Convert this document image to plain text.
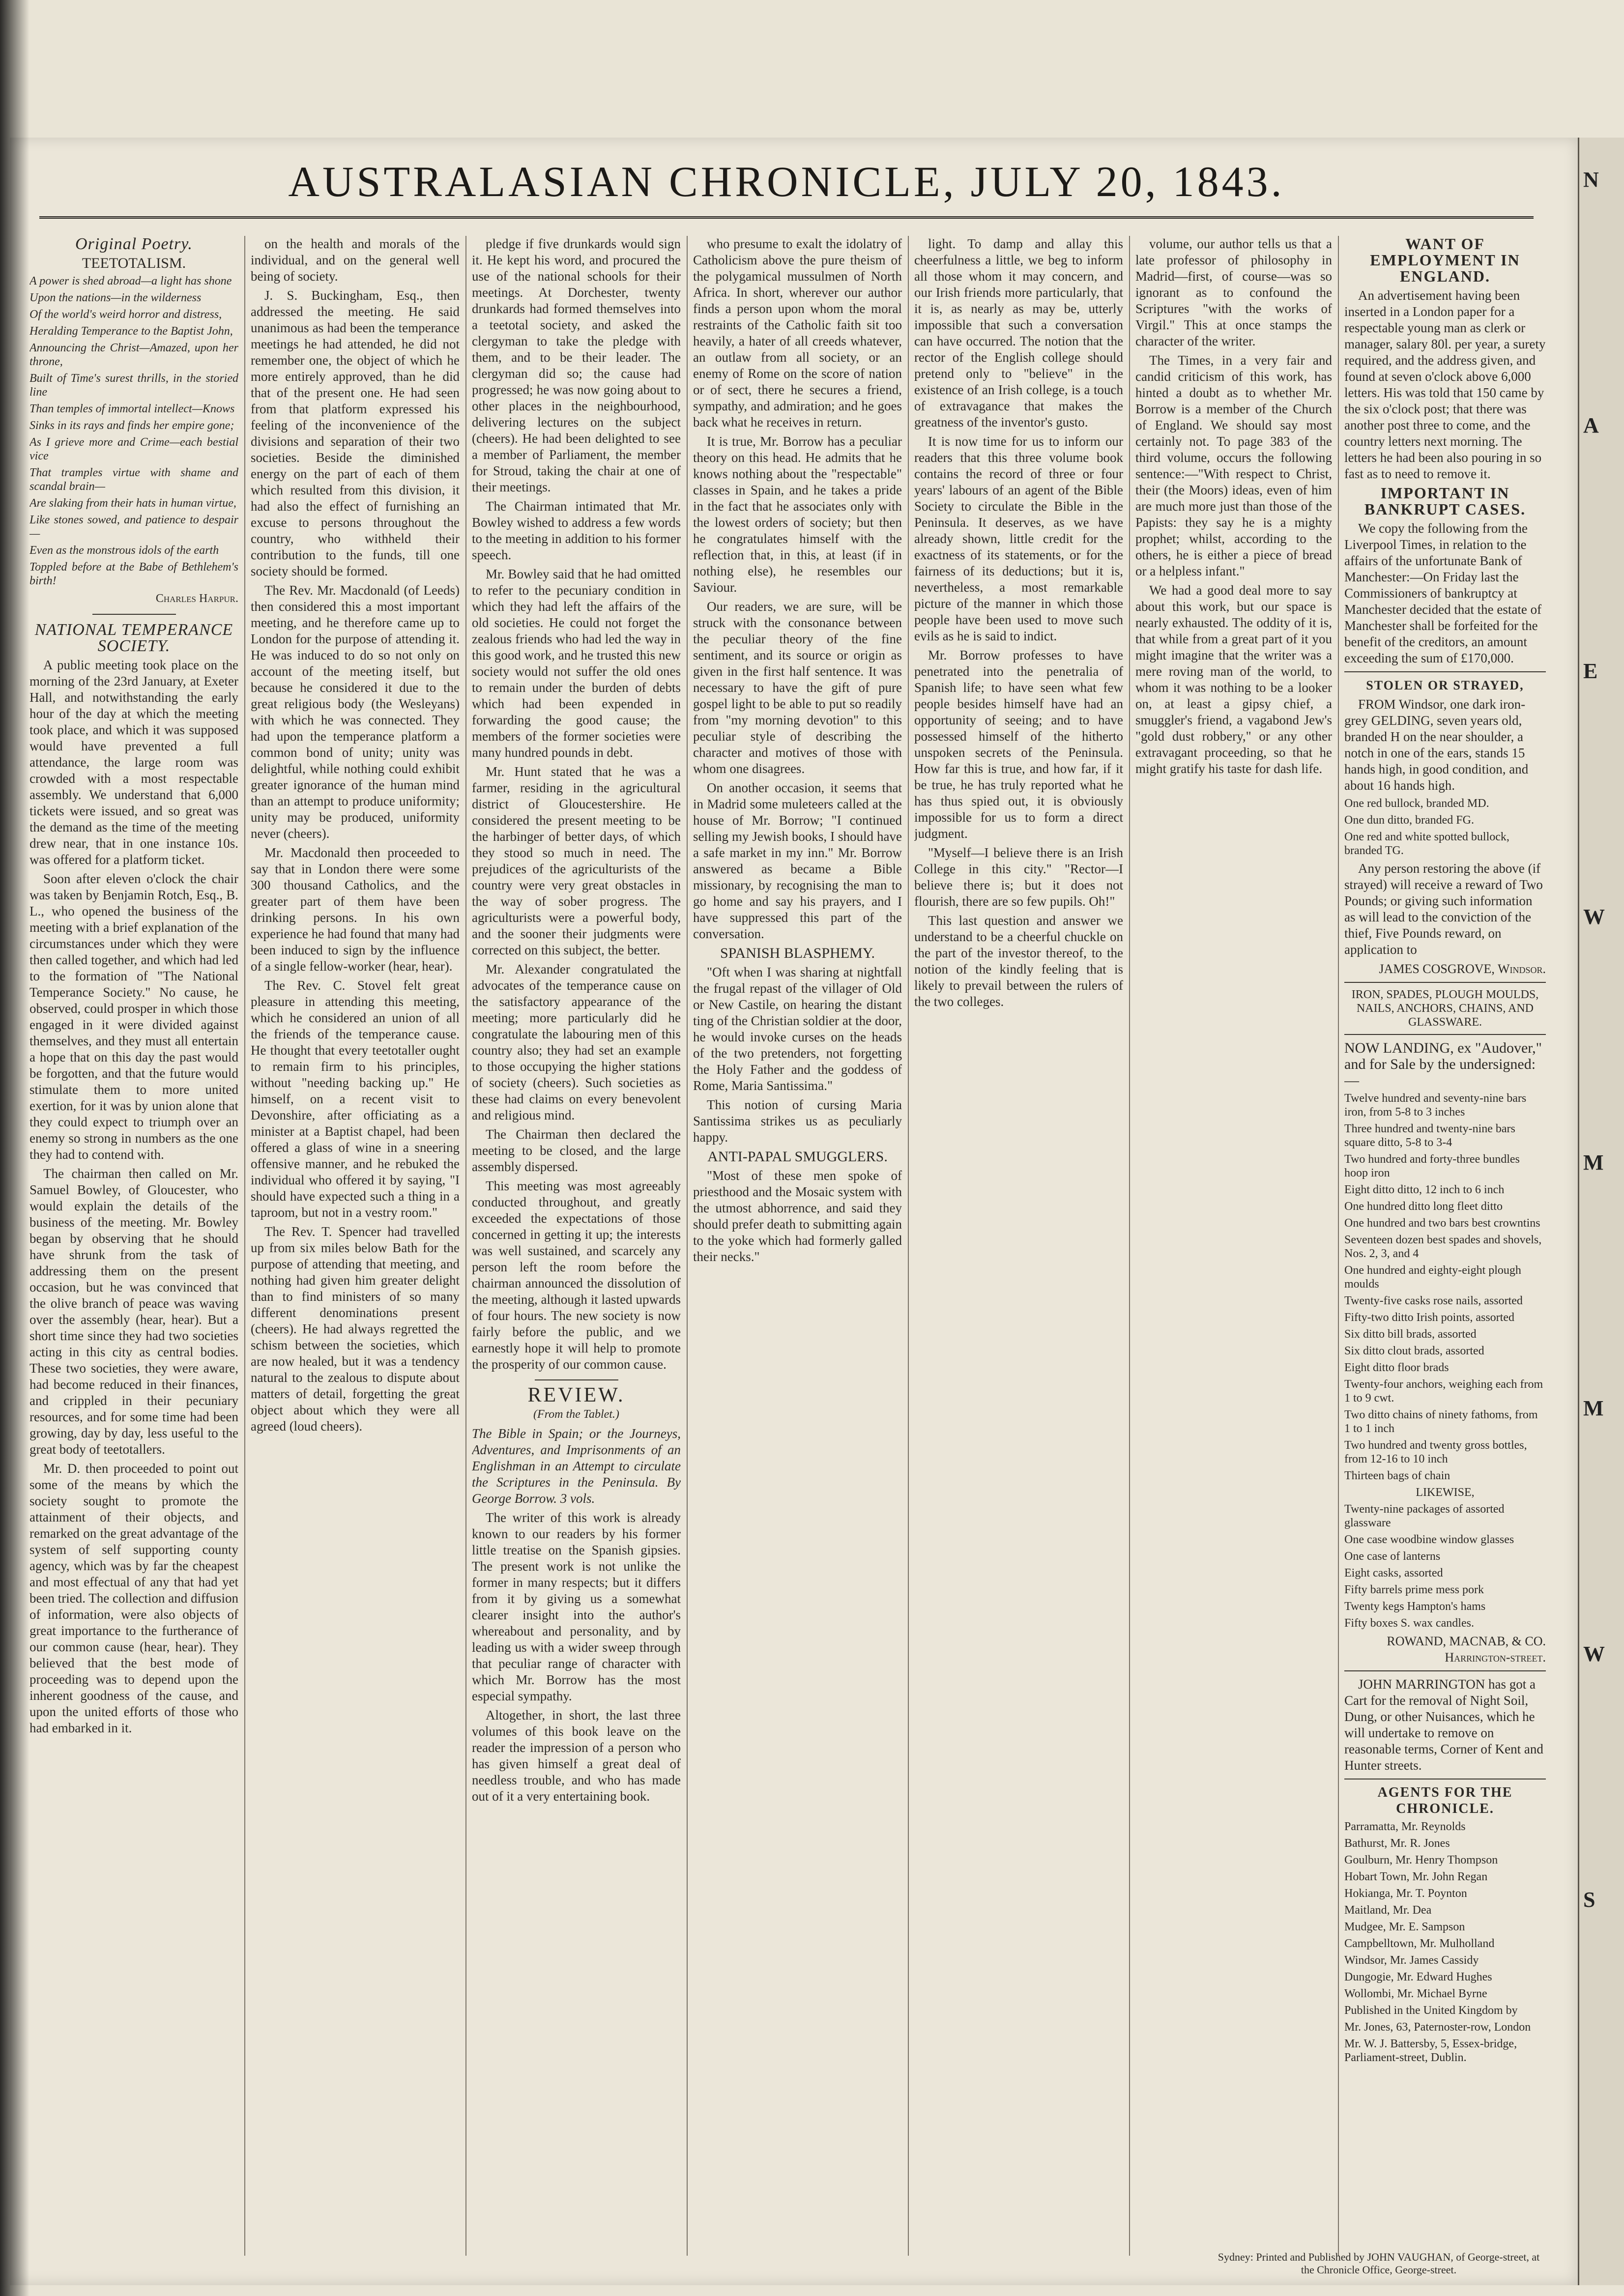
AUSTRALASIAN CHRONICLE, JULY 20, 1843.

Original Poetry.

TEETOTALISM.

A power is shed abroad—a light has shone

Upon the nations—in the wilderness

Of the world's weird horror and distress,

Heralding Temperance to the Baptist John,

Announcing the Christ—Amazed, upon her throne,

Built of Time's surest thrills, in the storied line

Than temples of immortal intellect—Knows

Sinks in its rays and finds her empire gone;

As I grieve more and Crime—each bestial vice

That tramples virtue with shame and scandal brain—

Are slaking from their hats in human virtue,

Like stones sowed, and patience to despair—

Even as the monstrous idols of the earth

Toppled before at the Babe of Bethlehem's birth!

Charles Harpur.

NATIONAL TEMPERANCE SOCIETY.

A public meeting took place on the morning of the 23rd January, at Exeter Hall, and notwithstanding the early hour of the day at which the meeting took place, and which it was supposed would have prevented a full attendance, the large room was crowded with a most respectable assembly. We understand that 6,000 tickets were issued, and so great was the demand as the time of the meeting drew near, that in one instance 10s. was offered for a platform ticket.

Soon after eleven o'clock the chair was taken by Benjamin Rotch, Esq., B. L., who opened the business of the meeting with a brief explanation of the circumstances under which they were then called together, and which had led to the formation of "The National Temperance Society." No cause, he observed, could prosper in which those engaged in it were divided against themselves, and they must all entertain a hope that on this day the past would be forgotten, and that the future would stimulate them to more united exertion, for it was by union alone that they could expect to triumph over an enemy so strong in numbers as the one they had to contend with.

The chairman then called on Mr. Samuel Bowley, of Gloucester, who would explain the details of the business of the meeting. Mr. Bowley began by observing that he should have shrunk from the task of addressing them on the present occasion, but he was convinced that the olive branch of peace was waving over the assembly (hear, hear). But a short time since they had two societies acting in this city as central bodies. These two societies, they were aware, had become reduced in their finances, and crippled in their pecuniary resources, and for some time had been growing, day by day, less useful to the great body of teetotallers.

Mr. D. then proceeded to point out some of the means by which the society sought to promote the attainment of their objects, and remarked on the great advantage of the system of self supporting county agency, which was by far the cheapest and most effectual of any that had yet been tried. The collection and diffusion of information, were also objects of great importance to the furtherance of our common cause (hear, hear). They believed that the best mode of proceeding was to depend upon the inherent goodness of the cause, and upon the united efforts of those who had embarked in it.

on the health and morals of the individual, and on the general well being of society.

J. S. Buckingham, Esq., then addressed the meeting. He said unanimous as had been the temperance meetings he had attended, he did not remember one, the object of which he more entirely approved, than he did that of the present one. He had seen from that platform expressed his feeling of the inconvenience of the divisions and separation of their two societies. Beside the diminished energy on the part of each of them which resulted from this division, it had also the effect of furnishing an excuse to persons throughout the country, who withheld their contribution to the funds, till one society should be formed.

The Rev. Mr. Macdonald (of Leeds) then considered this a most important meeting, and he therefore came up to London for the purpose of attending it. He was induced to do so not only on account of the meeting itself, but because he considered it due to the great religious body (the Wesleyans) with which he was connected. They had upon the temperance platform a common bond of unity; unity was delightful, while nothing could exhibit greater ignorance of the human mind than an attempt to produce uniformity; unity may be produced, uniformity never (cheers).

Mr. Macdonald then proceeded to say that in London there were some 300 thousand Catholics, and the greater part of them have been drinking persons. In his own experience he had found that many had been induced to sign by the influence of a single fellow-worker (hear, hear).

The Rev. C. Stovel felt great pleasure in attending this meeting, which he considered an union of all the friends of the temperance cause. He thought that every teetotaller ought to remain firm to his principles, without "needing backing up." He himself, on a recent visit to Devonshire, after officiating as a minister at a Baptist chapel, had been offered a glass of wine in a sneering offensive manner, and he rebuked the individual who offered it by saying, "I should have expected such a thing in a taproom, but not in a vestry room."

The Rev. T. Spencer had travelled up from six miles below Bath for the purpose of attending that meeting, and nothing had given him greater delight than to find ministers of so many different denominations present (cheers). He had always regretted the schism between the societies, which are now healed, but it was a tendency natural to the zealous to dispute about matters of detail, forgetting the great object about which they were all agreed (loud cheers).

pledge if five drunkards would sign it. He kept his word, and procured the use of the national schools for their meetings. At Dorchester, twenty drunkards had formed themselves into a teetotal society, and asked the clergyman to take the pledge with them, and to be their leader. The clergyman did so; the cause had progressed; he was now going about to other places in the neighbourhood, delivering lectures on the subject (cheers). He had been delighted to see a member of Parliament, the member for Stroud, taking the chair at one of their meetings.

The Chairman intimated that Mr. Bowley wished to address a few words to the meeting in addition to his former speech.

Mr. Bowley said that he had omitted to refer to the pecuniary condition in which they had left the affairs of the old societies. He could not forget the zealous friends who had led the way in this good work, and he trusted this new society would not suffer the old ones to remain under the burden of debts which had been expended in forwarding the good cause; the members of the former societies were many hundred pounds in debt.

Mr. Hunt stated that he was a farmer, residing in the agricultural district of Gloucestershire. He considered the present meeting to be the harbinger of better days, of which they stood so much in need. The prejudices of the agriculturists of the country were very great obstacles in the way of sober progress. The agriculturists were a powerful body, and the sooner their judgments were corrected on this subject, the better.

Mr. Alexander congratulated the advocates of the temperance cause on the satisfactory appearance of the meeting; more particularly did he congratulate the labouring men of this country also; they had set an example to those occupying the higher stations of society (cheers). Such societies as these had claims on every benevolent and religious mind.

The Chairman then declared the meeting to be closed, and the large assembly dispersed.

This meeting was most agreeably conducted throughout, and greatly exceeded the expectations of those concerned in getting it up; the interests was well sustained, and scarcely any person left the room before the chairman announced the dissolution of the meeting, although it lasted upwards of four hours. The new society is now fairly before the public, and we earnestly hope it will help to promote the prosperity of our common cause.

REVIEW.

(From the Tablet.)

The Bible in Spain; or the Journeys, Adventures, and Imprisonments of an Englishman in an Attempt to circulate the Scriptures in the Peninsula. By George Borrow. 3 vols.

The writer of this work is already known to our readers by his former little treatise on the Spanish gipsies. The present work is not unlike the former in many respects; but it differs from it by giving us a somewhat clearer insight into the author's whereabout and personality, and by leading us with a wider sweep through that peculiar range of character with which Mr. Borrow has the most especial sympathy.

Altogether, in short, the last three volumes of this book leave on the reader the impression of a person who has given himself a great deal of needless trouble, and who has made out of it a very entertaining book.

who presume to exalt the idolatry of Catholicism above the pure theism of the polygamical mussulmen of North Africa. In short, wherever our author finds a person upon whom the moral restraints of the Catholic faith sit too heavily, a hater of all creeds whatever, an outlaw from all society, or an enemy of Rome on the score of nation or of sect, there he secures a friend, sympathy, and admiration; and he goes back what he receives in return.

It is true, Mr. Borrow has a peculiar theory on this head. He admits that he knows nothing about the "respectable" classes in Spain, and he takes a pride in the fact that he associates only with the lowest orders of society; but then he congratulates himself with the reflection that, in this, at least (if in nothing else), he resembles our Saviour.

Our readers, we are sure, will be struck with the consonance between the peculiar theory of the fine sentiment, and its source or origin as given in the first half sentence. It was necessary to have the gift of pure gospel light to be able to put so readily from "my morning devotion" to this peculiar style of describing the character and motives of those with whom one disagrees.

On another occasion, it seems that in Madrid some muleteers called at the house of Mr. Borrow; "I continued selling my Jewish books, I should have a safe market in my inn." Mr. Borrow answered as became a Bible missionary, by recognising the man to go home and say his prayers, and I have suppressed this part of the conversation.

SPANISH BLASPHEMY.

"Oft when I was sharing at nightfall the frugal repast of the villager of Old or New Castile, on hearing the distant ting of the Christian soldier at the door, he would invoke curses on the heads of the two pretenders, not forgetting the Holy Father and the goddess of Rome, Maria Santissima."

This notion of cursing Maria Santissima strikes us as peculiarly happy.

ANTI-PAPAL SMUGGLERS.

"Most of these men spoke of priesthood and the Mosaic system with the utmost abhorrence, and said they should prefer death to submitting again to the yoke which had formerly galled their necks."

light. To damp and allay this cheerfulness a little, we beg to inform all those whom it may concern, and our Irish friends more particularly, that it is, as nearly as may be, utterly impossible that such a conversation can have occurred. The notion that the rector of the English college should pretend only to "believe" in the existence of an Irish college, is a touch of extravagance that makes the greatness of the inventor's gusto.

It is now time for us to inform our readers that this three volume book contains the record of three or four years' labours of an agent of the Bible Society to circulate the Bible in the Peninsula. It deserves, as we have already shown, little credit for the exactness of its statements, or for the fairness of its deductions; but it is, nevertheless, a most remarkable picture of the manner in which those people have been used to move such evils as he is said to indict.

Mr. Borrow professes to have penetrated into the penetralia of Spanish life; to have seen what few people besides himself have had an opportunity of seeing; and to have possessed himself of the hitherto unspoken secrets of the Peninsula. How far this is true, and how far, if it be true, he has truly reported what he has thus spied out, it is obviously impossible for us to form a direct judgment.

"Myself—I believe there is an Irish College in this city." "Rector—I believe there is; but it does not flourish, there are so few pupils. Oh!"

This last question and answer we understand to be a cheerful chuckle on the part of the investor thereof, to the notion of the kindly feeling that is likely to prevail between the rulers of the two colleges.

volume, our author tells us that a late professor of philosophy in Madrid—first, of course—was so ignorant as to confound the Scriptures "with the works of Virgil." This at once stamps the character of the writer.

The Times, in a very fair and candid criticism of this work, has hinted a doubt as to whether Mr. Borrow is a member of the Church of England. We should say most certainly not. To page 383 of the third volume, occurs the following sentence:—"With respect to Christ, their (the Moors) ideas, even of him are much more just than those of the Papists: they say he is a mighty prophet; whilst, according to the others, he is either a piece of bread or a helpless infant."

We had a good deal more to say about this work, but our space is nearly exhausted. The oddity of it is, that while from a great part of it you might imagine that the writer was a mere roving man of the world, to whom it was nothing to be a looker on, at least a gipsy chief, a smuggler's friend, a vagabond Jew's "gold dust robbery," or any other extravagant proceeding, so that he might gratify his taste for dash life.

WANT OF EMPLOYMENT IN ENGLAND.

An advertisement having been inserted in a London paper for a respectable young man as clerk or manager, salary 80l. per year, a surety required, and the address given, and found at seven o'clock above 6,000 letters. His was told that 150 came by the six o'clock post; that there was another post three to come, and the country letters next morning. The letters he had been also pouring in so fast as to need to remove it.

IMPORTANT IN BANKRUPT CASES.

We copy the following from the Liverpool Times, in relation to the affairs of the unfortunate Bank of Manchester:—On Friday last the Commissioners of bankruptcy at Manchester decided that the estate of Manchester shall be forfeited for the benefit of the creditors, an amount exceeding the sum of £170,000.

STOLEN OR STRAYED,

FROM Windsor, one dark iron-grey GELDING, seven years old, branded H on the near shoulder, a notch in one of the ears, stands 15 hands high, in good condition, and about 16 hands high.

One red bullock, branded MD.

One dun ditto, branded FG.

One red and white spotted bullock, branded TG.

Any person restoring the above (if strayed) will receive a reward of Two Pounds; or giving such information as will lead to the conviction of the thief, Five Pounds reward, on application to

JAMES COSGROVE, Windsor.

IRON, SPADES, PLOUGH MOULDS, NAILS, ANCHORS, CHAINS, AND GLASSWARE.

NOW LANDING, ex "Audover," and for Sale by the undersigned:—

Twelve hundred and seventy-nine bars iron, from 5-8 to 3 inches

Three hundred and twenty-nine bars square ditto, 5-8 to 3-4

Two hundred and forty-three bundles hoop iron

Eight ditto ditto, 12 inch to 6 inch

One hundred ditto long fleet ditto

One hundred and two bars best crowntins

Seventeen dozen best spades and shovels, Nos. 2, 3, and 4

One hundred and eighty-eight plough moulds

Twenty-five casks rose nails, assorted

Fifty-two ditto Irish points, assorted

Six ditto bill brads, assorted

Six ditto clout brads, assorted

Eight ditto floor brads

Twenty-four anchors, weighing each from 1 to 9 cwt.

Two ditto chains of ninety fathoms, from 1 to 1 inch

Two hundred and twenty gross bottles, from 12-16 to 10 inch

Thirteen bags of chain

LIKEWISE,

Twenty-nine packages of assorted glassware

One case woodbine window glasses

One case of lanterns

Eight casks, assorted

Fifty barrels prime mess pork

Twenty kegs Hampton's hams

Fifty boxes S. wax candles.

ROWAND, MACNAB, & CO. Harrington-street.

JOHN MARRINGTON has got a Cart for the removal of Night Soil, Dung, or other Nuisances, which he will undertake to remove on reasonable terms, Corner of Kent and Hunter streets.

AGENTS FOR THE CHRONICLE.

Parramatta, Mr. Reynolds

Bathurst, Mr. R. Jones

Goulburn, Mr. Henry Thompson

Hobart Town, Mr. John Regan

Hokianga, Mr. T. Poynton

Maitland, Mr. Dea

Mudgee, Mr. E. Sampson

Campbelltown, Mr. Mulholland

Windsor, Mr. James Cassidy

Dungogie, Mr. Edward Hughes

Wollombi, Mr. Michael Byrne

Published in the United Kingdom by

Mr. Jones, 63, Paternoster-row, London

Mr. W. J. Battersby, 5, Essex-bridge, Parliament-street, Dublin.

Sydney: Printed and Published by JOHN VAUGHAN, of George-street, at the Chronicle Office, George-street.
N
A
E
W
M
M
W
S
